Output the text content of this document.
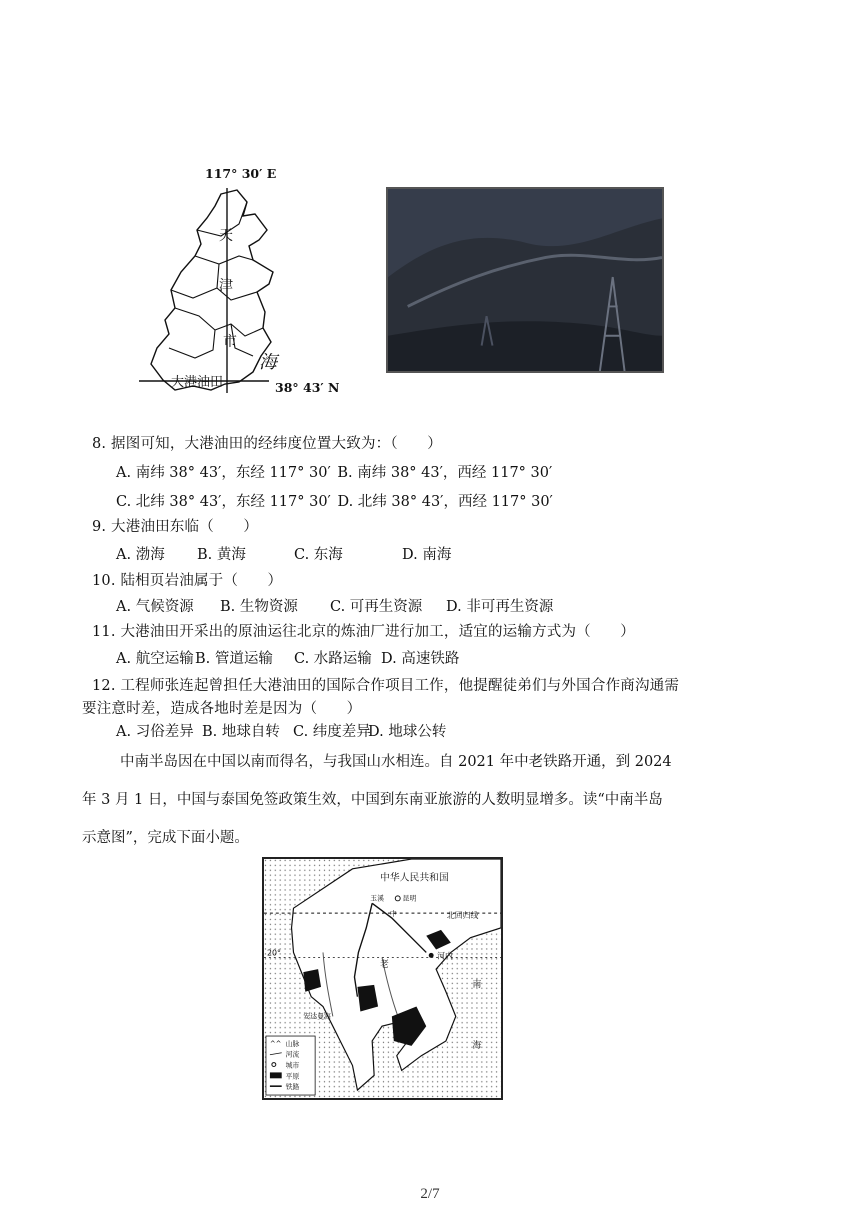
117° 30′ E
天
津
市
海
大港油田	38° 43′ N
8. 据图可知，大港油田的经纬度位置大致为：（　　）
A. 南纬 38° 43′，东经 117° 30′ B. 南纬 38° 43′，西经 117° 30′
C. 北纬 38° 43′，东经 117° 30′ D. 北纬 38° 43′，西经 117° 30′
9. 大港油田东临（　　）
A. 渤海 B. 黄海	C. 东海	D. 南海
10. 陆相页岩油属于（　　）
A. 气候资源 B. 生物资源 C. 可再生资源 D. 非可再生资源
11. 大港油田开采出的原油运往北京的炼油厂进行加工，适宜的运输方式为（　　）
A. 航空运输 B. 管道运输 C. 水路运输 D. 高速铁路
12. 工程师张连起曾担任大港油田的国际合作项目工作，他提醒徒弟们与外国合作商沟通需
要注意时差，造成各地时差是因为（　　）
A. 习俗差异 B. 地球自转 C. 纬度差异
D. 地球公转
中南半岛因在中国以南而得名，与我国山水相连。自 2021 年中老铁路开通，到 2024
年 3 月 1 日，中国与泰国免签政策生效，中国到东南亚旅游的人数明显增多。读“中南半岛
示意图”，完成下面小题。
中华人民共和国
玉溪	昆明
中	北回归线
20°	河内
老
南
海
安达曼海
^^ 山脉
河流
城市
平原
铁路
2/7
